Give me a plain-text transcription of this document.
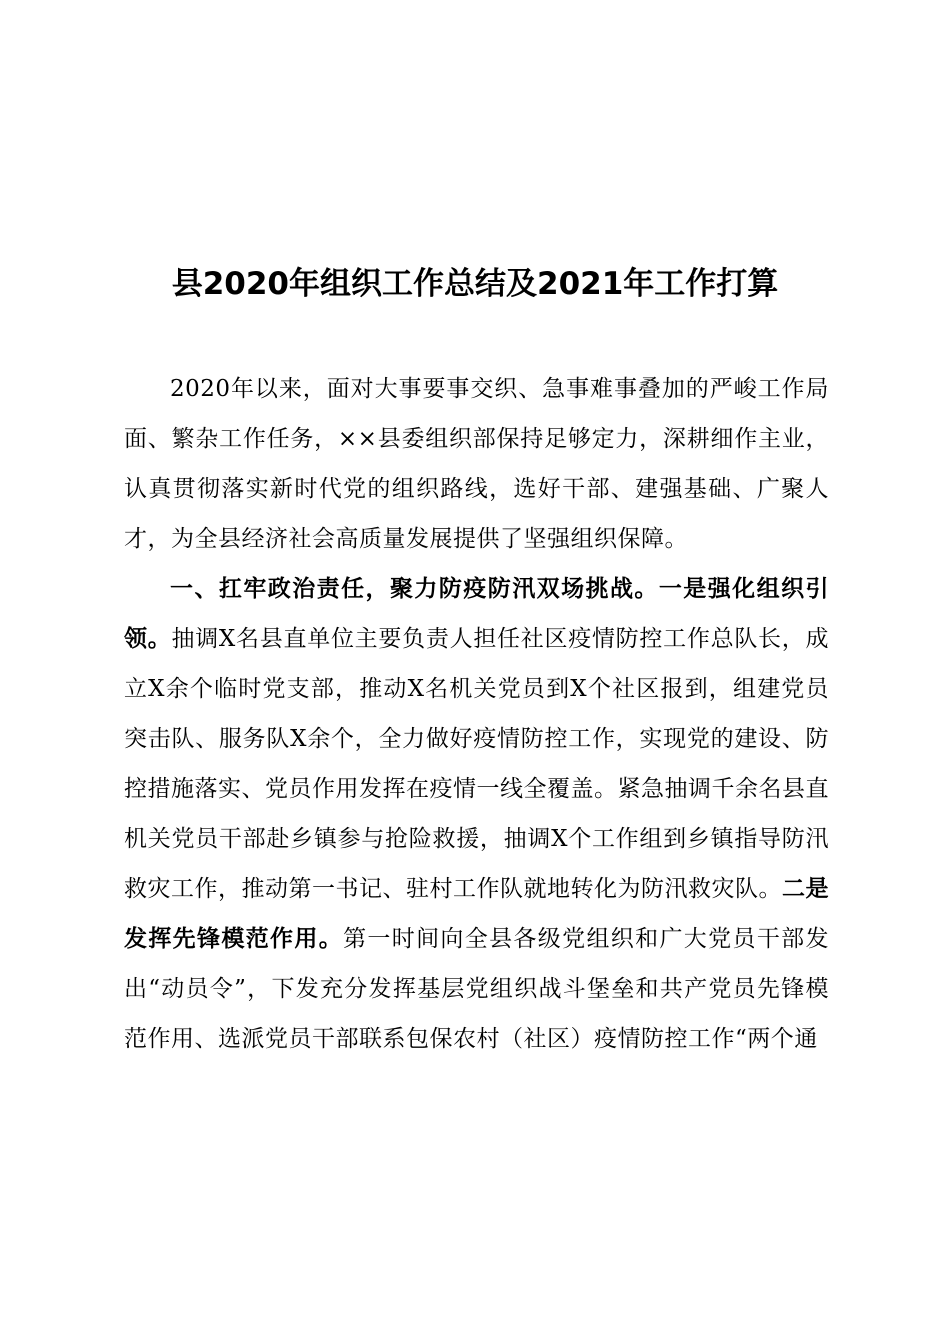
县2020年组织工作总结及2021年工作打算

2020年以来，面对大事要事交织、急事难事叠加的严峻工作局面、繁杂工作任务，××县委组织部保持足够定力，深耕细作主业，认真贯彻落实新时代党的组织路线，选好干部、建强基础、广聚人才，为全县经济社会高质量发展提供了坚强组织保障。

一、扛牢政治责任，聚力防疫防汛双场挑战。一是强化组织引领。抽调X名县直单位主要负责人担任社区疫情防控工作总队长，成立X余个临时党支部，推动X名机关党员到X个社区报到，组建党员突击队、服务队X余个，全力做好疫情防控工作，实现党的建设、防控措施落实、党员作用发挥在疫情一线全覆盖。紧急抽调千余名县直机关党员干部赴乡镇参与抢险救援，抽调X个工作组到乡镇指导防汛救灾工作，推动第一书记、驻村工作队就地转化为防汛救灾队。二是发挥先锋模范作用。第一时间向全县各级党组织和广大党员干部发出“动员令”，下发充分发挥基层党组织战斗堡垒和共产党员先锋模范作用、选派党员干部联系包保农村（社区）疫情防控工作“两个通
